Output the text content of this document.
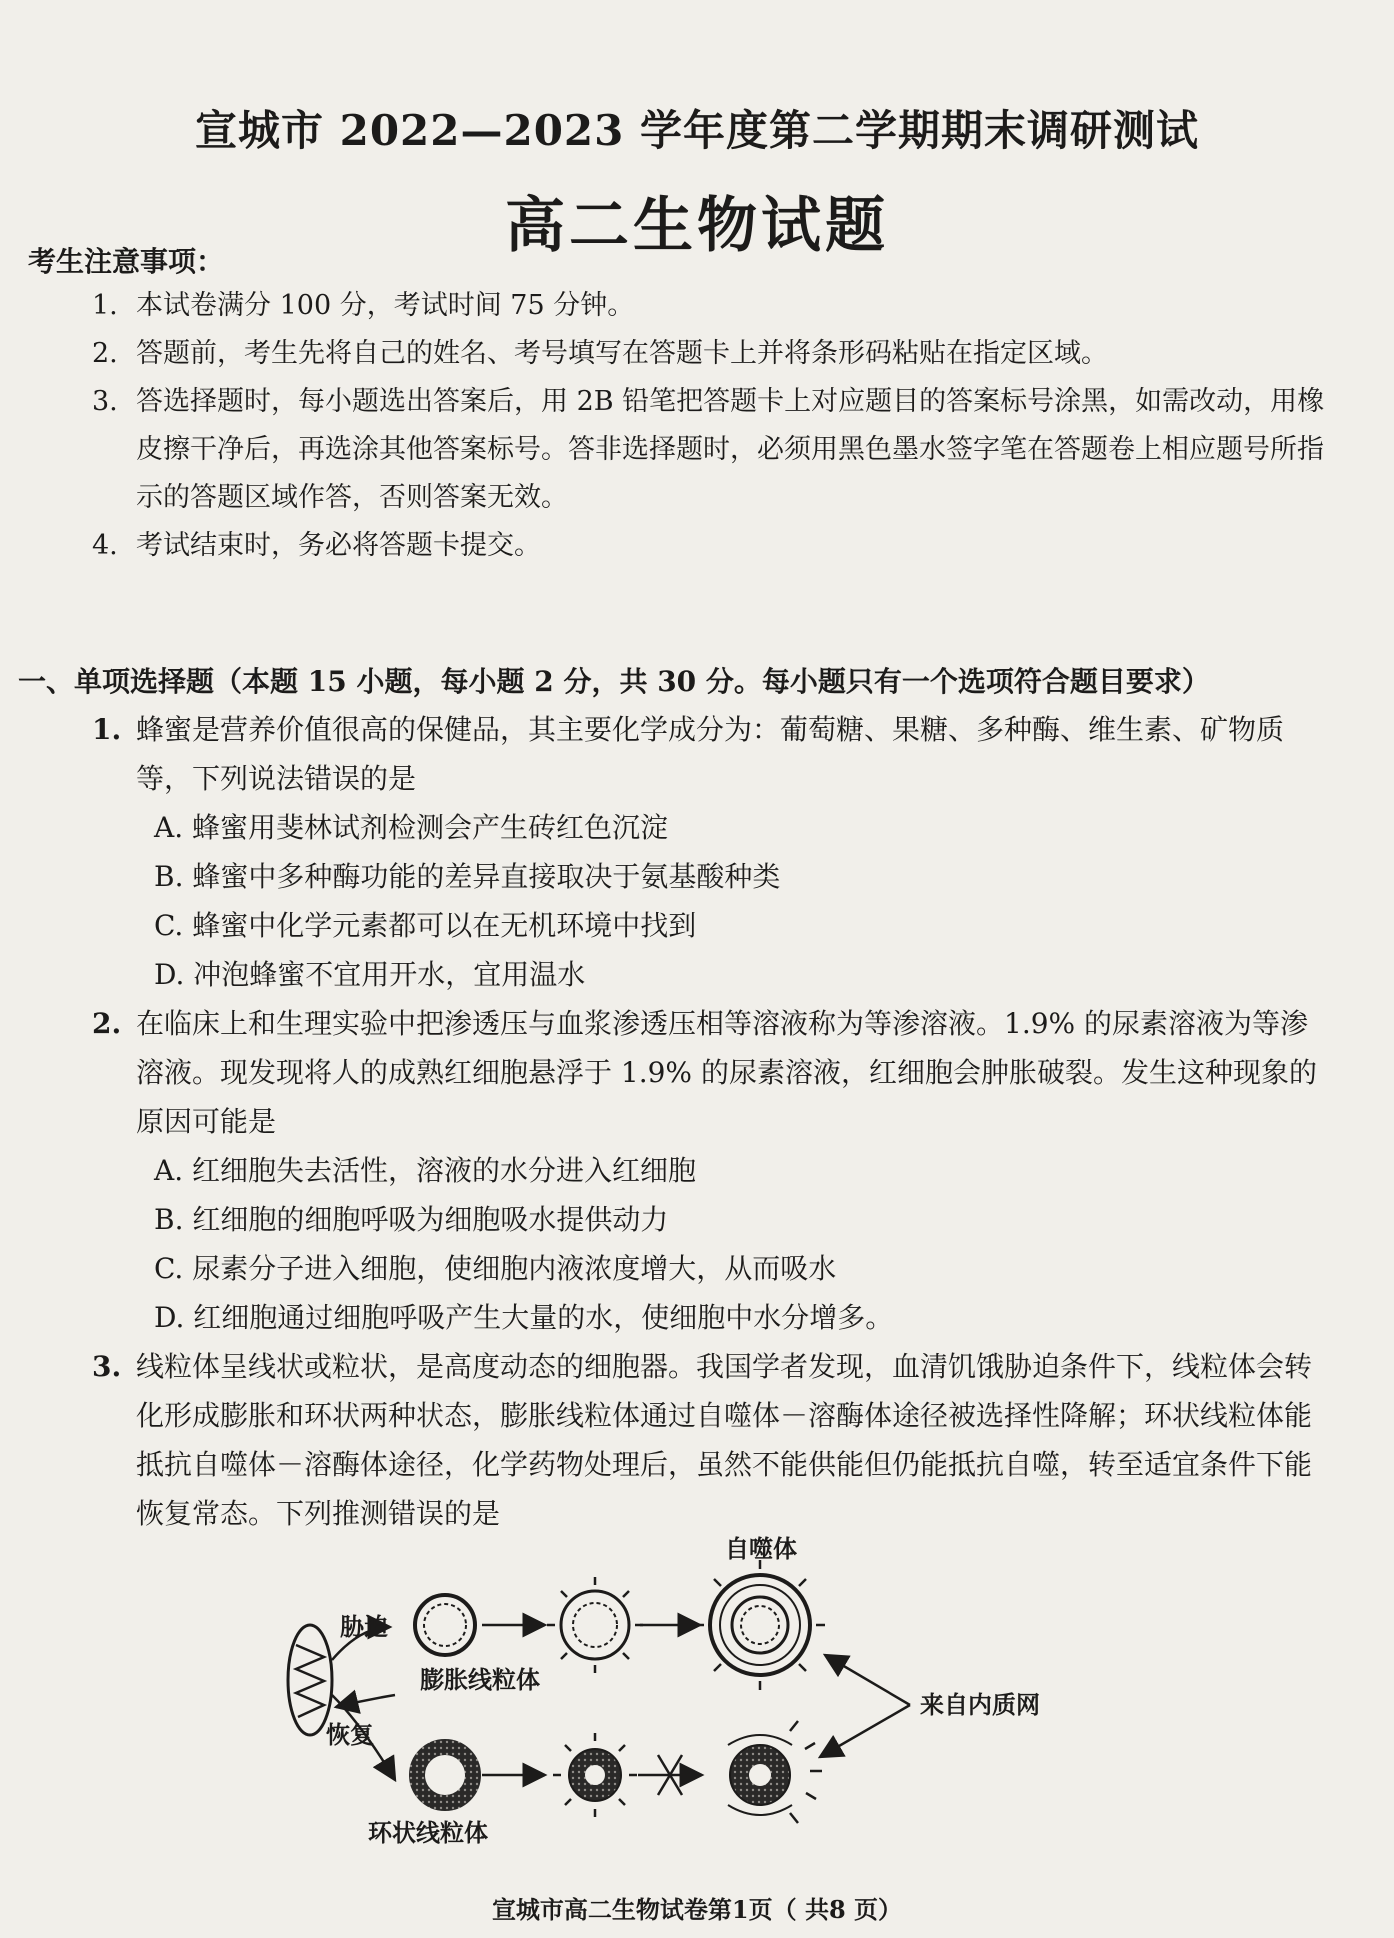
宣城市 2022—2023 学年度第二学期期末调研测试
高二生物试题
考生注意事项：
1. 本试卷满分 100 分，考试时间 75 分钟。
2. 答题前，考生先将自己的姓名、考号填写在答题卡上并将条形码粘贴在指定区域。
3. 答选择题时，每小题选出答案后，用 2B 铅笔把答题卡上对应题目的答案标号涂黑，如需改动，用橡皮擦干净后，再选涂其他答案标号。答非选择题时，必须用黑色墨水签字笔在答题卷上相应题号所指示的答题区域作答，否则答案无效。
4. 考试结束时，务必将答题卡提交。
一、单项选择题（本题 15 小题，每小题 2 分，共 30 分。每小题只有一个选项符合题目要求）
1. 蜂蜜是营养价值很高的保健品，其主要化学成分为：葡萄糖、果糖、多种酶、维生素、矿物质等，下列说法错误的是
A. 蜂蜜用斐林试剂检测会产生砖红色沉淀
B. 蜂蜜中多种酶功能的差异直接取决于氨基酸种类
C. 蜂蜜中化学元素都可以在无机环境中找到
D. 冲泡蜂蜜不宜用开水，宜用温水
2. 在临床上和生理实验中把渗透压与血浆渗透压相等溶液称为等渗溶液。1.9% 的尿素溶液为等渗溶液。现发现将人的成熟红细胞悬浮于 1.9% 的尿素溶液，红细胞会肿胀破裂。发生这种现象的原因可能是
A. 红细胞失去活性，溶液的水分进入红细胞
B. 红细胞的细胞呼吸为细胞吸水提供动力
C. 尿素分子进入细胞，使细胞内液浓度增大，从而吸水
D. 红细胞通过细胞呼吸产生大量的水，使细胞中水分增多。
3. 线粒体呈线状或粒状，是高度动态的细胞器。我国学者发现，血清饥饿胁迫条件下，线粒体会转化形成膨胀和环状两种状态，膨胀线粒体通过自噬体－溶酶体途径被选择性降解；环状线粒体能抵抗自噬体－溶酶体途径，化学药物处理后，虽然不能供能但仍能抵抗自噬，转至适宜条件下能恢复常态。下列推测错误的是
胁迫
恢复
膨胀线粒体
环状线粒体
自噬体
来自内质网
宣城市高二生物试卷第1页（ 共8 页）
